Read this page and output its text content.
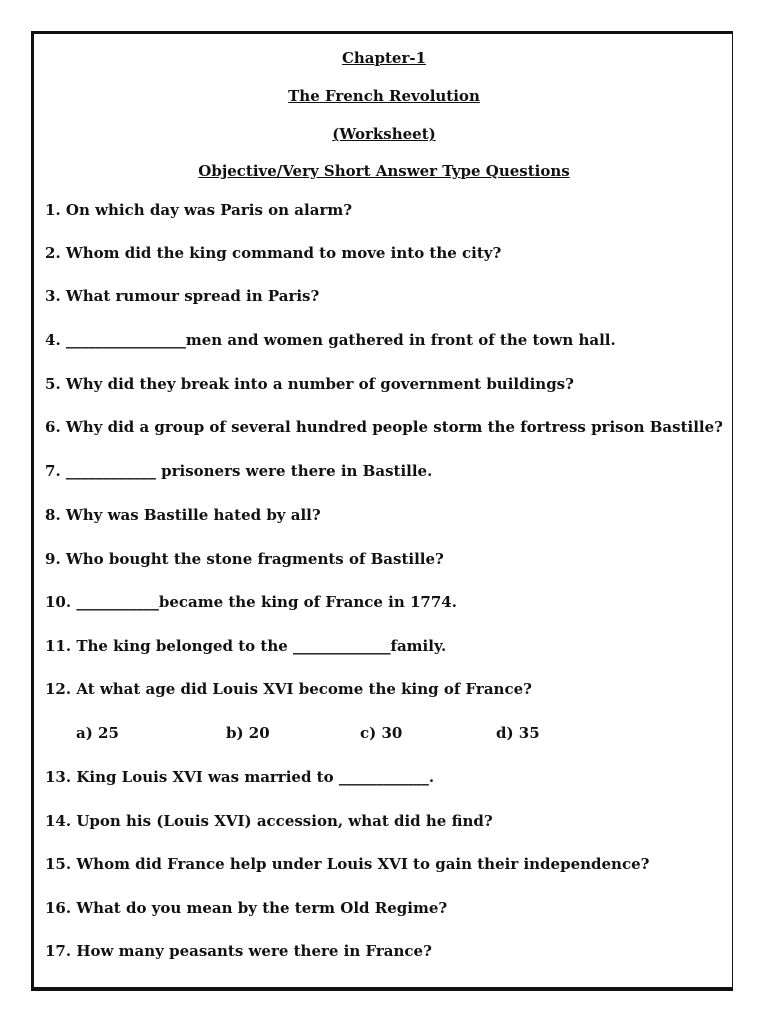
Chapter-1
The French Revolution
(Worksheet)
Objective/Very Short Answer Type Questions
1. On which day was Paris on alarm?
2. Whom did the king command to move into the city?
3. What rumour spread in Paris?
4. ________________men and women gathered in front of the town hall.
5. Why did they break into a number of government buildings?
6. Why did a group of several hundred people storm the fortress prison Bastille?
7. ____________ prisoners were there in Bastille.
8. Why was Bastille hated by all?
9. Who bought the stone fragments of Bastille?
10. ___________became the king of France in 1774.
11. The king belonged to the _____________family.
12. At what age did Louis XVI become the king of France?
a) 25	b) 20	c) 30	d) 35
13. King Louis XVI was married to ____________.
14. Upon his (Louis XVI) accession, what did he find?
15. Whom did France help under Louis XVI to gain their independence?
16. What do you mean by the term Old Regime?
17. How many peasants were there in France?
